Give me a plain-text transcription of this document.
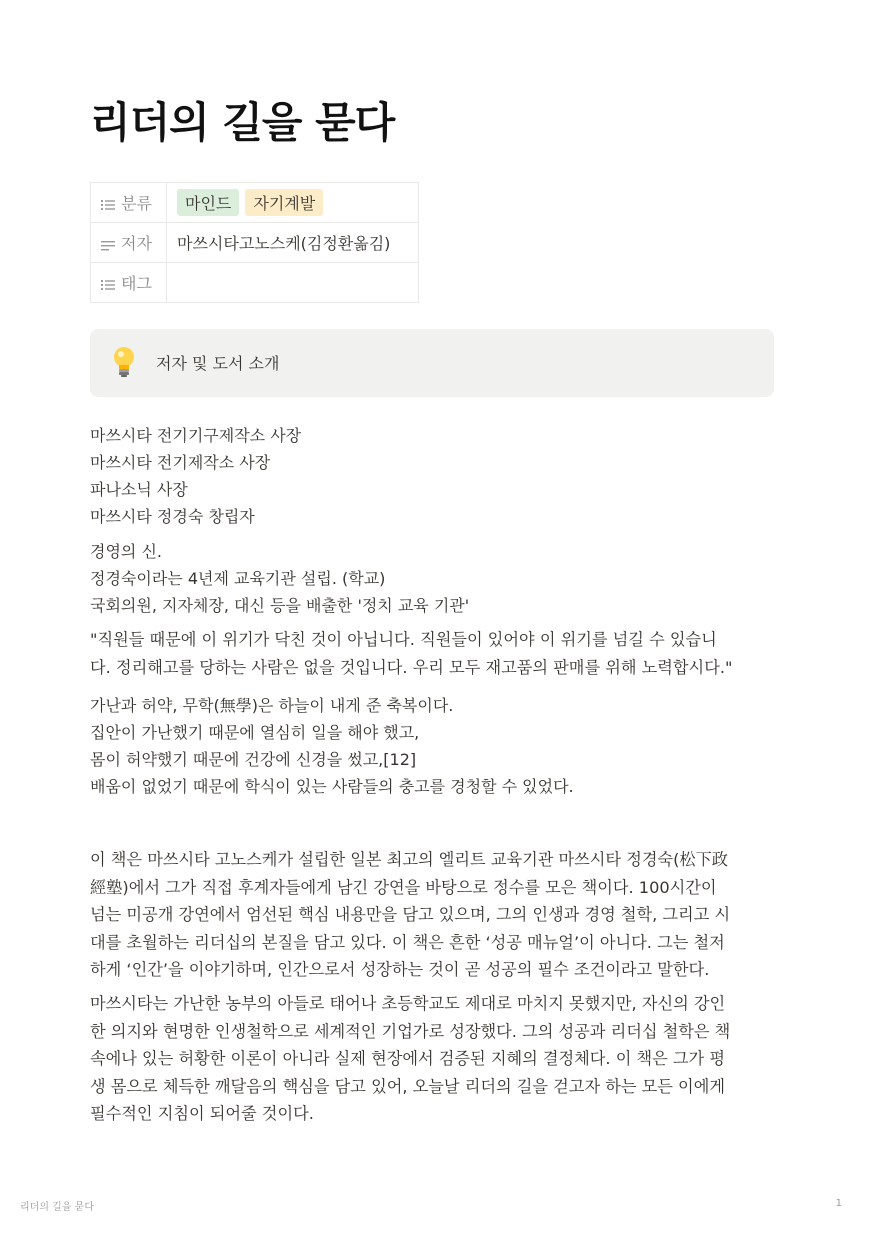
리더의 길을 묻다
분류	마인드 자기계발
저자	마쓰시타고노스케(김정환옮김)
태그	
저자 및 도서 소개
마쓰시타 전기기구제작소 사장
마쓰시타 전기제작소 사장
파나소닉 사장
마쓰시타 정경숙 창립자
경영의 신.
정경숙이라는 4년제 교육기관 설립. (학교)
국회의원, 지자체장, 대신 등을 배출한 '정치 교육 기관'
"직원들 때문에 이 위기가 닥친 것이 아닙니다. 직원들이 있어야 이 위기를 넘길 수 있습니
다. 정리해고를 당하는 사람은 없을 것입니다. 우리 모두 재고품의 판매를 위해 노력합시다."
가난과 허약, 무학(無學)은 하늘이 내게 준 축복이다.
집안이 가난했기 때문에 열심히 일을 해야 했고,
몸이 허약했기 때문에 건강에 신경을 썼고,[12]
배움이 없었기 때문에 학식이 있는 사람들의 충고를 경청할 수 있었다.
이 책은 마쓰시타 고노스케가 설립한 일본 최고의 엘리트 교육기관 마쓰시타 정경숙(松下政
經塾)에서 그가 직접 후계자들에게 남긴 강연을 바탕으로 정수를 모은 책이다. 100시간이
넘는 미공개 강연에서 엄선된 핵심 내용만을 담고 있으며, 그의 인생과 경영 철학, 그리고 시
대를 초월하는 리더십의 본질을 담고 있다. 이 책은 흔한 ‘성공 매뉴얼’이 아니다. 그는 철저
하게 ‘인간’을 이야기하며, 인간으로서 성장하는 것이 곧 성공의 필수 조건이라고 말한다.
마쓰시타는 가난한 농부의 아들로 태어나 초등학교도 제대로 마치지 못했지만, 자신의 강인
한 의지와 현명한 인생철학으로 세계적인 기업가로 성장했다. 그의 성공과 리더십 철학은 책
속에나 있는 허황한 이론이 아니라 실제 현장에서 검증된 지혜의 결정체다. 이 책은 그가 평
생 몸으로 체득한 깨달음의 핵심을 담고 있어, 오늘날 리더의 길을 걷고자 하는 모든 이에게
필수적인 지침이 되어줄 것이다.
리더의 길을 묻다	1
